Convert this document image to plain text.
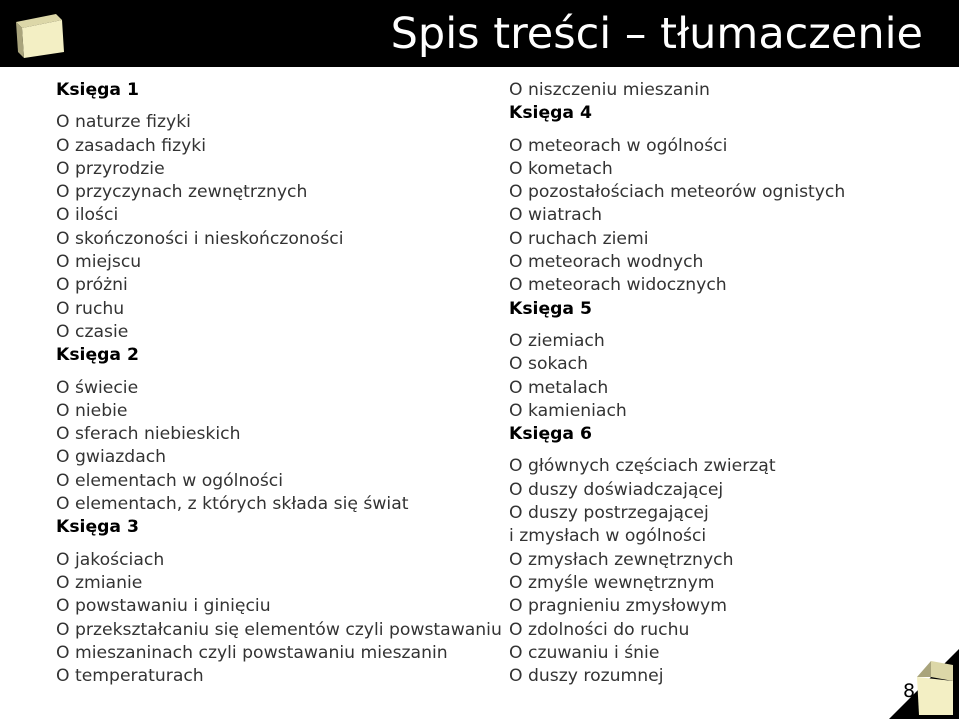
Spis treści – tłumaczenie
Księga 1
O naturze fizyki
O zasadach fizyki
O przyrodzie
O przyczynach zewnętrznych
O ilości
O skończoności i nieskończoności
O miejscu
O próżni
O ruchu
O czasie
Księga 2
O świecie
O niebie
O sferach niebieskich
O gwiazdach
O elementach w ogólności
O elementach, z których składa się świat
Księga 3
O jakościach
O zmianie
O powstawaniu i ginięciu
O przekształcaniu się elementów czyli powstawaniu
O mieszaninach czyli powstawaniu mieszanin
O temperaturach
O niszczeniu mieszanin
Księga 4
O meteorach w ogólności
O kometach
O pozostałościach meteorów ognistych
O wiatrach
O ruchach ziemi
O meteorach wodnych
O meteorach widocznych
Księga 5
O ziemiach
O sokach
O metalach
O kamieniach
Księga 6
O głównych częściach zwierząt
O duszy doświadczającej
O duszy postrzegającej
i zmysłach w ogólności
O zmysłach zewnętrznych
O zmyśle wewnętrznym
O pragnieniu zmysłowym
O zdolności do ruchu
O czuwaniu i śnie
O duszy rozumnej
8
